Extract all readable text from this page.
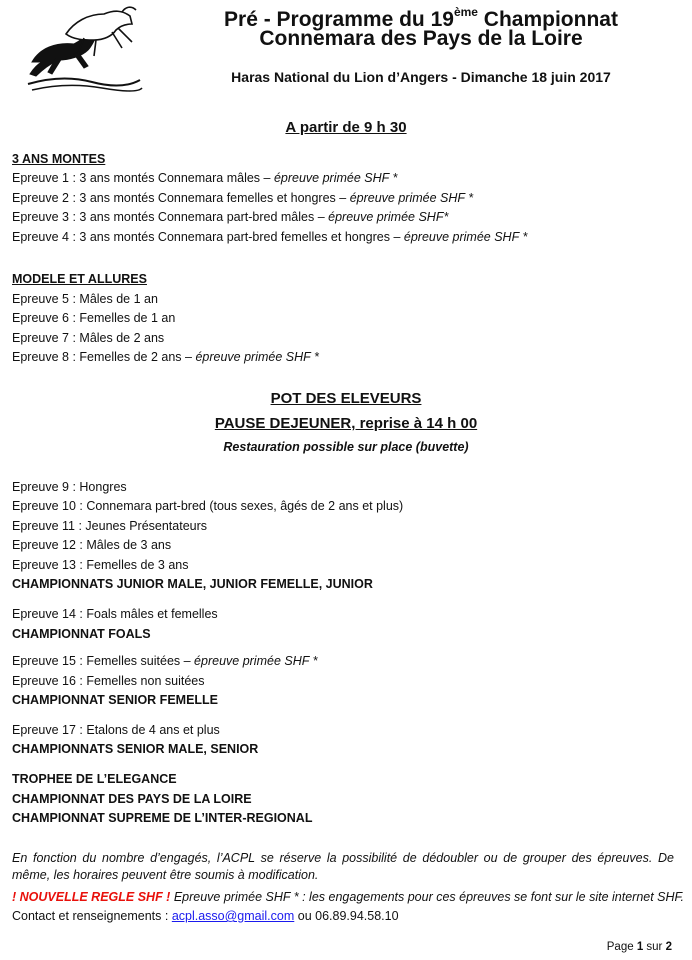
Pré - Programme du 19ème Championnat
Connemara des Pays de la Loire
Haras National du Lion d’Angers - Dimanche 18 juin 2017
A partir de 9 h 30
3 ANS MONTES
Epreuve 1 : 3 ans montés Connemara mâles – épreuve primée SHF *
Epreuve 2 : 3 ans montés Connemara femelles et hongres – épreuve primée SHF *
Epreuve 3 : 3 ans montés Connemara part-bred mâles – épreuve primée SHF*
Epreuve 4 : 3 ans montés Connemara part-bred femelles et hongres – épreuve primée SHF *
MODELE ET ALLURES
Epreuve 5 : Mâles de 1 an
Epreuve 6 : Femelles de 1 an
Epreuve 7 : Mâles de 2 ans
Epreuve 8 : Femelles de 2 ans – épreuve primée SHF *
POT DES ELEVEURS
PAUSE DEJEUNER, reprise à 14 h 00
Restauration possible sur place (buvette)
Epreuve 9 : Hongres
Epreuve 10 : Connemara part-bred (tous sexes, âgés de 2 ans et plus)
Epreuve 11 : Jeunes Présentateurs
Epreuve 12 : Mâles de 3 ans
Epreuve 13 : Femelles de 3 ans
CHAMPIONNATS JUNIOR MALE, JUNIOR FEMELLE, JUNIOR
Epreuve 14 : Foals mâles et femelles
CHAMPIONNAT FOALS
Epreuve 15 : Femelles suitées – épreuve primée SHF *
Epreuve 16 : Femelles non suitées
CHAMPIONNAT SENIOR FEMELLE
Epreuve 17 : Etalons de 4 ans et plus
CHAMPIONNATS SENIOR MALE, SENIOR
TROPHEE DE L’ELEGANCE
CHAMPIONNAT DES PAYS DE LA LOIRE
CHAMPIONNAT SUPREME DE L’INTER-REGIONAL
En fonction du nombre d’engagés, l’ACPL se réserve la possibilité de dédoubler ou de grouper des épreuves. De même, les horaires peuvent être soumis à modification.
! NOUVELLE REGLE SHF ! Epreuve primée SHF * : les engagements pour ces épreuves se font sur le site internet SHF.
Contact et renseignements : acpl.asso@gmail.com ou 06.89.94.58.10
Page 1 sur 2
